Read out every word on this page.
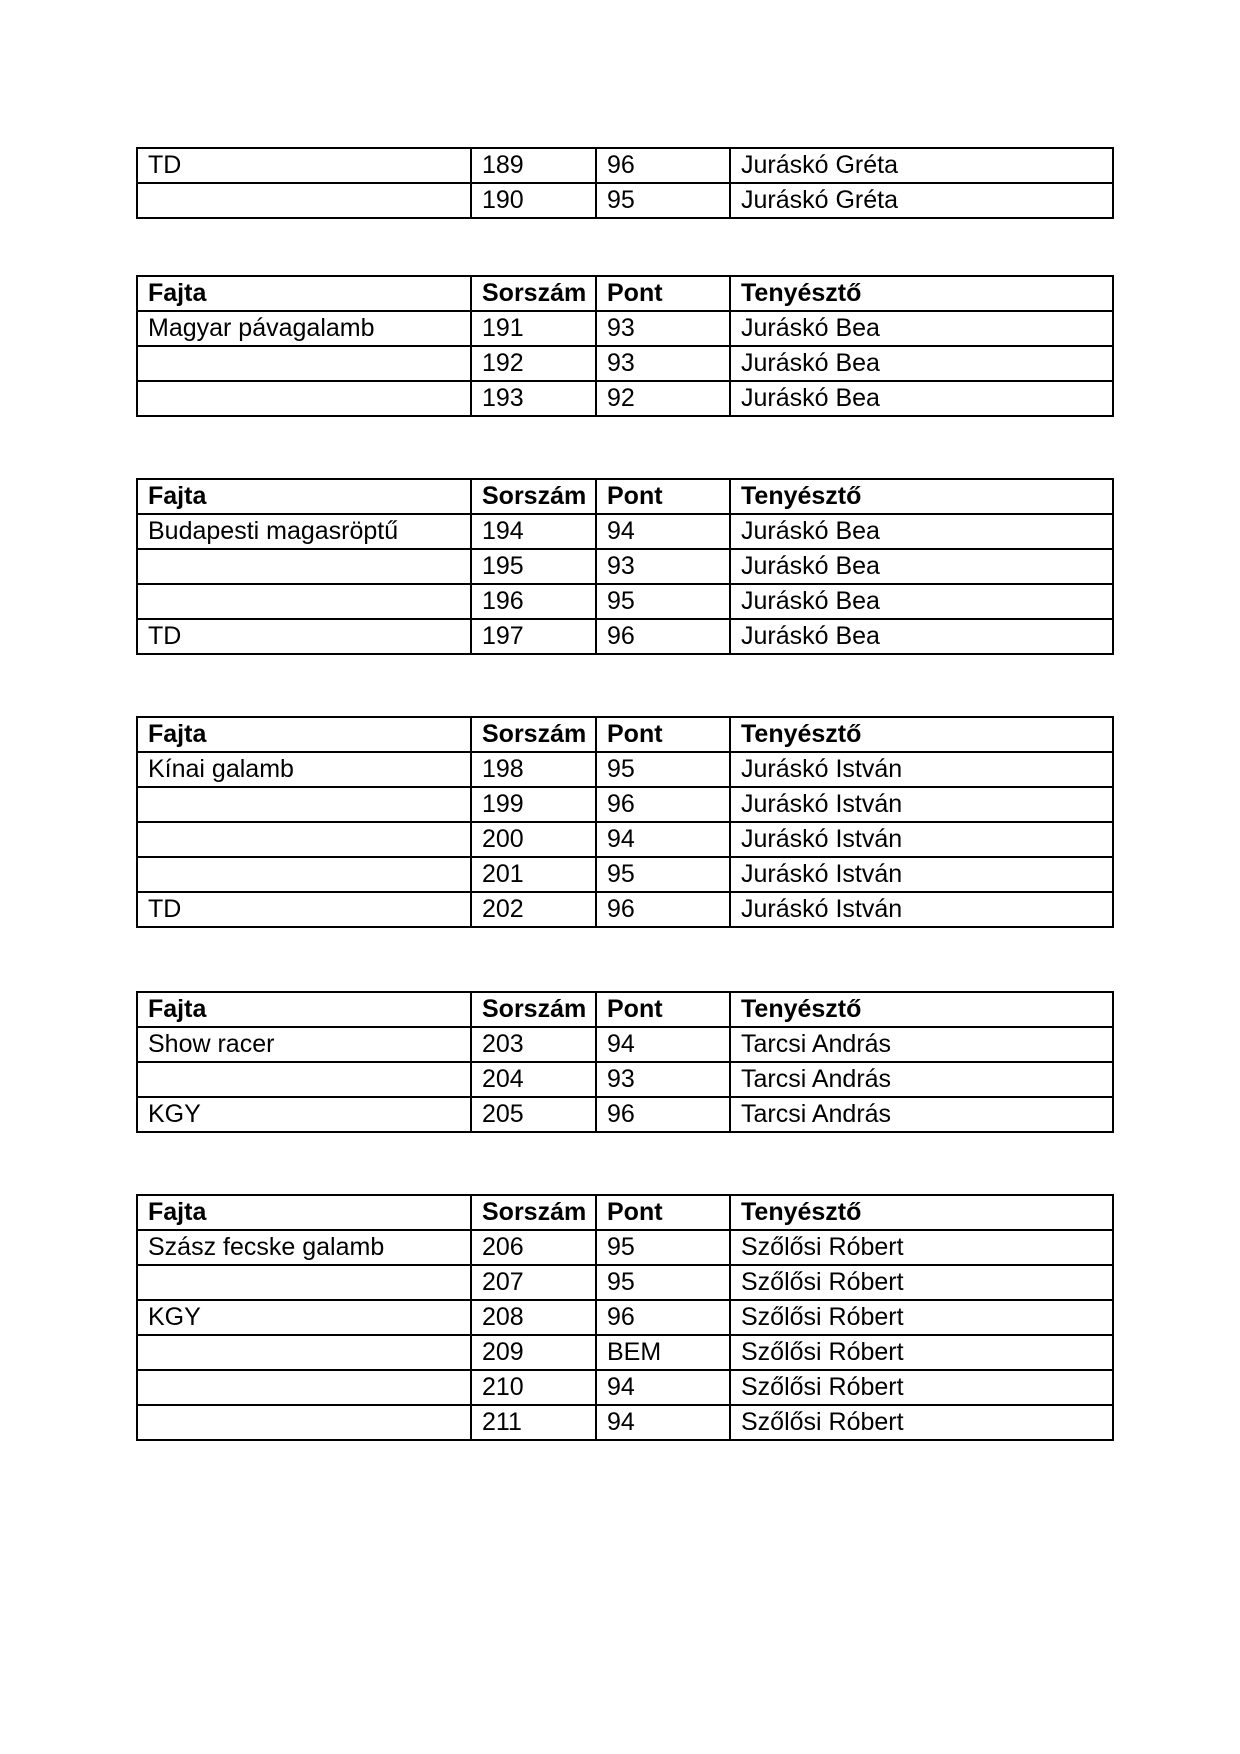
TD	189	96	Juráskó Gréta
	190	95	Juráskó Gréta
Fajta	Sorszám	Pont	Tenyésztő
Magyar pávagalamb	191	93	Juráskó Bea
	192	93	Juráskó Bea
	193	92	Juráskó Bea
Fajta	Sorszám	Pont	Tenyésztő
Budapesti magasröptű	194	94	Juráskó Bea
	195	93	Juráskó Bea
	196	95	Juráskó Bea
TD	197	96	Juráskó Bea
Fajta	Sorszám	Pont	Tenyésztő
Kínai galamb	198	95	Juráskó István
	199	96	Juráskó István
	200	94	Juráskó István
	201	95	Juráskó István
TD	202	96	Juráskó István
Fajta	Sorszám	Pont	Tenyésztő
Show racer	203	94	Tarcsi András
	204	93	Tarcsi András
KGY	205	96	Tarcsi András
Fajta	Sorszám	Pont	Tenyésztő
Szász fecske galamb	206	95	Szőlősi Róbert
	207	95	Szőlősi Róbert
KGY	208	96	Szőlősi Róbert
	209	BEM	Szőlősi Róbert
	210	94	Szőlősi Róbert
	211	94	Szőlősi Róbert
